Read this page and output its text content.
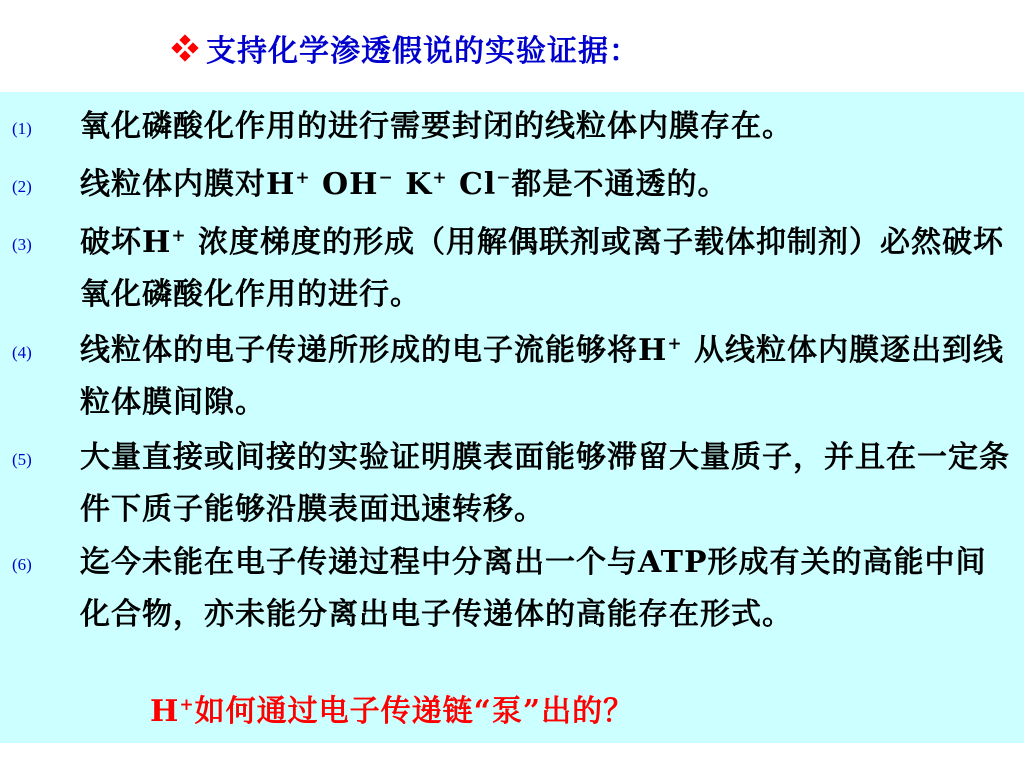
支持化学渗透假说的实验证据：
(1) 氧化磷酸化作用的进行需要封闭的线粒体内膜存在。
(2) 线粒体内膜对H+ OH− K+ Cl−都是不通透的。
(3) 破坏H+ 浓度梯度的形成（用解偶联剂或离子载体抑制剂）必然破坏氧化磷酸化作用的进行。
(4) 线粒体的电子传递所形成的电子流能够将H+ 从线粒体内膜逐出到线粒体膜间隙。
(5) 大量直接或间接的实验证明膜表面能够滞留大量质子，并且在一定条件下质子能够沿膜表面迅速转移。
(6) 迄今未能在电子传递过程中分离出一个与ATP形成有关的高能中间化合物，亦未能分离出电子传递体的高能存在形式。
H+如何通过电子传递链“泵”出的？
